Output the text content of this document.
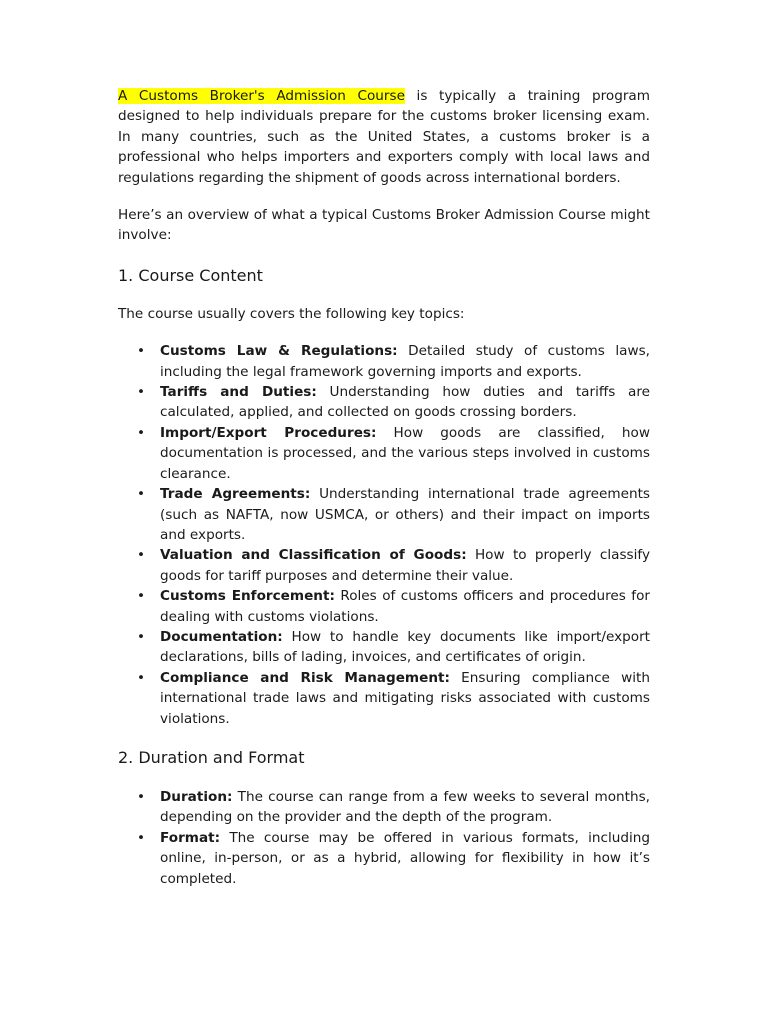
A Customs Broker's Admission Course is typically a training program designed to help individuals prepare for the customs broker licensing exam. In many countries, such as the United States, a customs broker is a professional who helps importers and exporters comply with local laws and regulations regarding the shipment of goods across international borders.

Here’s an overview of what a typical Customs Broker Admission Course might involve:

1. Course Content

The course usually covers the following key topics:

• Customs Law & Regulations: Detailed study of customs laws, including the legal framework governing imports and exports.
• Tariffs and Duties: Understanding how duties and tariffs are calculated, applied, and collected on goods crossing borders.
• Import/Export Procedures: How goods are classified, how documentation is processed, and the various steps involved in customs clearance.
• Trade Agreements: Understanding international trade agreements (such as NAFTA, now USMCA, or others) and their impact on imports and exports.
• Valuation and Classification of Goods: How to properly classify goods for tariff purposes and determine their value.
• Customs Enforcement: Roles of customs officers and procedures for dealing with customs violations.
• Documentation: How to handle key documents like import/export declarations, bills of lading, invoices, and certificates of origin.
• Compliance and Risk Management: Ensuring compliance with international trade laws and mitigating risks associated with customs violations.
2. Duration and Format
• Duration: The course can range from a few weeks to several months, depending on the provider and the depth of the program.
• Format: The course may be offered in various formats, including online, in-person, or as a hybrid, allowing for flexibility in how it’s completed.
